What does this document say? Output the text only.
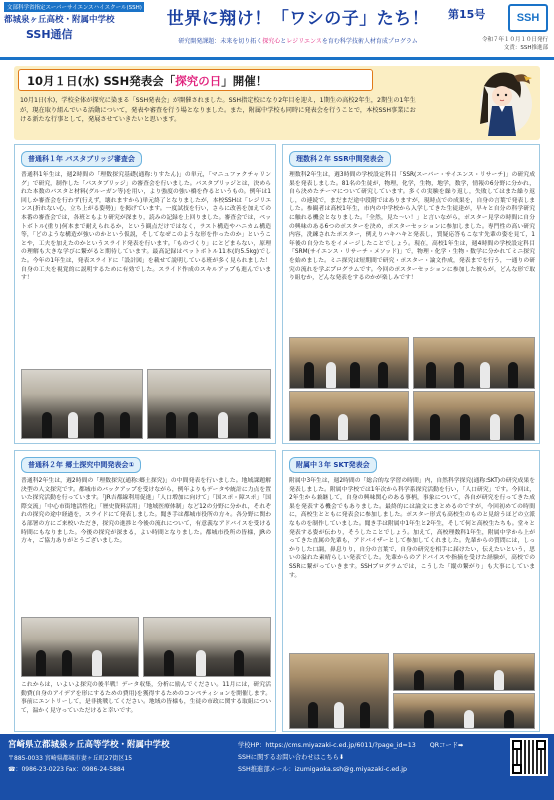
文部科学省指定スーパーサイエンスハイスクール(SSH) 第Ⅰ期 令和６年４月～令和11年３月(５年間)
都城泉ヶ丘高校・附属中学校
SSH通信
世界に翔け！「ワシの子」たち！
研究開発課題：未来を切り拓く探究心とレジリエンスを育む科学技術人材育成プログラム
第15号	SSH
令和７年１０月１０日発行
文責：SSH推進部
10月１日(水) SSH発表会「探究の日」開催！
10月1日(水)，学校全体が探究に染まる「SSH発表会」が開催されました。SSH指定校になり2年目を迎え，1期生の高校2年生，2期生の1年生が，現在取り組んでいる活動について，発表や審査を行う場となりました。また，附属中学校も同時に発表会を行うことで，本校SSH事業における新たな行事として，発展させていきたいと思います。
普通科１年 パスタブリッジ審査会
普通科1年生は，週2時間の「理数探究基礎(通称:りすたん)」の単元，「マニュファクチャリング」で研究，制作した「パスタブリッジ」の審査会を行いました。パスタブリッジとは，決められた本数のパスタと材料(グルーガン等)を用い，より強度の強い橋を作るというもの。例年は1回しか審査会を行わず(行えず，壊れますから)単元終了となりましたが，本校SSHは「レジリエンス(折れない心，立ち上がる姿勢)」を掲げています。一度試技を行い，さらに改善を加えての本番の審査会では，各班ともより研究が深まり，読みの記録を上回りました。審査会では，ペットボトル(重り)何本まで耐えられるか，という観点だけではなく，ラスト構造やハニカム構造等，「どのような構造が強いのかという仮説，そしてなぜこのような形を作ったのか」ということや，工夫を加えたのかというスライド発表を行います。「ものづくり」にとどまらない，原理の理解も大きな学びに繋がると期待しています。最高記録はペットボトル11本(約5.5kg)でした。今年の1年生は，発表スライドに「設計図」を載せて説明している班が多く見られました！自身の工夫を視覚的に説明するために有効でした。スライド作成のスキルアップも進んでいます！
理数科２年 SSR中間発表会
理数科2年生は，週3時間の学校設定科目「SSR(スーパー・サイエンス・リサーチ)」の研究成果を発表しました。81名の生徒が，物理，化学，生物，地学，数学，情報の6分野に分かれ，自ら決めたテーマについて研究しています。多くの実験を繰り返し，失敗してはまた繰り返し，の連続で，まだまだ途中段階ではありますが，現時点での成果を，自身の言葉で発表しました。参観者は高校1年生，市内の中学校から入学してきた生徒達が，早々と自分の科学研究に触れる機会となりました。「全然，見た～い！」と言いながら，ポスター見学の時間に自分の興味のある6つのポスターを決め，ポスターセッションに参加しました。専門性の高い研究内容，洗練されたポスター，例えりハキハキと発表し，質疑応答もこなす先輩の姿を見て，1年後の自分たちをイメージしたことでしょう。現在，高校1年生は，週4時間の学校設定科目「SRM(サイエンス・リサーチ・メソッド)」で，物理・化学・生物・数学に分かれてミニ探究を始めました。ミニ探究は短期間で研究・ポスター・論文作成，発表までを行う，一通りの研究の流れを学ぶプログラムです。今回のポスターセッションに参加した彼らが，どんな形で取り組むか，どんな発表をするのかが楽しみです！
普通科２年 郷土探究中間発表会①
普通科2年生は，週2時間の「理数探究(通称:郷土探究)」の中間発表を行いました。地域課題解決型の人文探究です。都城市のバックアップを受けながら，例年よりもデータや統計に力点を置いた探究活動を行っています。「JR吉都線利用促進」「人口増加に向けて」「国スポ・障スポ」「国際交流」「中心市街地活性化」「歴史資料活用」「地域医療体制」など12の分野に分かれ，それぞれの探究の途中経過を，スライドにて発表しました。聞き手は都城市役所の方々。各分野に関わる部署の方にご来校いただき，探究の進捗と今後の流れについて，有意義なアドバイスを受ける時間にもなりました。今後の探究が深まる，よい時間となりました。都城市役所の皆様，JRの方々，ご協力ありがとうございました。
これからは，いよいよ探究の後半戦！データ収集，分析に励んでください。11月には，研究活動費(自身のアイデアを形にするための費用)を獲得するためのコンペティションを開催します。事前にエントリーして，是非挑戦してください。地域の皆様も，生徒の市政に関する取組について，温かく見守っていただけると幸いです。
附属中３年 SKT発表会
附属中3年生は，週2時間の「総合的な学習の時間」内，自然科学探究(通称:SKT)の研究成果を発表しました。附属中学校では1年次から科学系探究活動を行い，「人口研究」です。今回は，2年生から兼継して，自身の興味関心のある事柄，事象について，各自が研究を行ってきた成果を発表する機会でもありました。最終的には論文にまとめるのですが，今回初めての時間に，高校生とともに発表会に参加しました。ポスター形式も高校生のものと見紛うほどの立派なものを制作していました。聞き手は附属中1年生と2年生，そして何と高校生たちも。堂々と発表する姿が伝わり，そうしたことでしょう。加えて，高校理数科1年生，附属中学から上がってきた直属の先輩も，アドバイザーとして参加してくれました。先輩からの質問には，しっかりした口調，鼻息りり，自分の言葉で，自身の研究を相手に届けたい，伝えたいという，思いの溢れた素晴らしい発表でした。先輩からのアドバイスや指摘を受けた経験が，高校でのSSRに繋がっていきます。SSHプログラムでは，こうした「縦の繋がり」も大事にしています。
宮崎県立都城泉ヶ丘高等学校・附属中学校
〒885-0033 宮崎県都城市妻ヶ丘町27街区15
☎：0986-23-0223 Fax：0986-24-5884
学校HP：https://cms.miyazaki-c.ed.jp/6011/?page_id=13 QRコード➡
SSHに関するお問い合わせはこちら⬇
SSH推進部メール：izumigaoka.ssh@g.miyazaki-c.ed.jp
